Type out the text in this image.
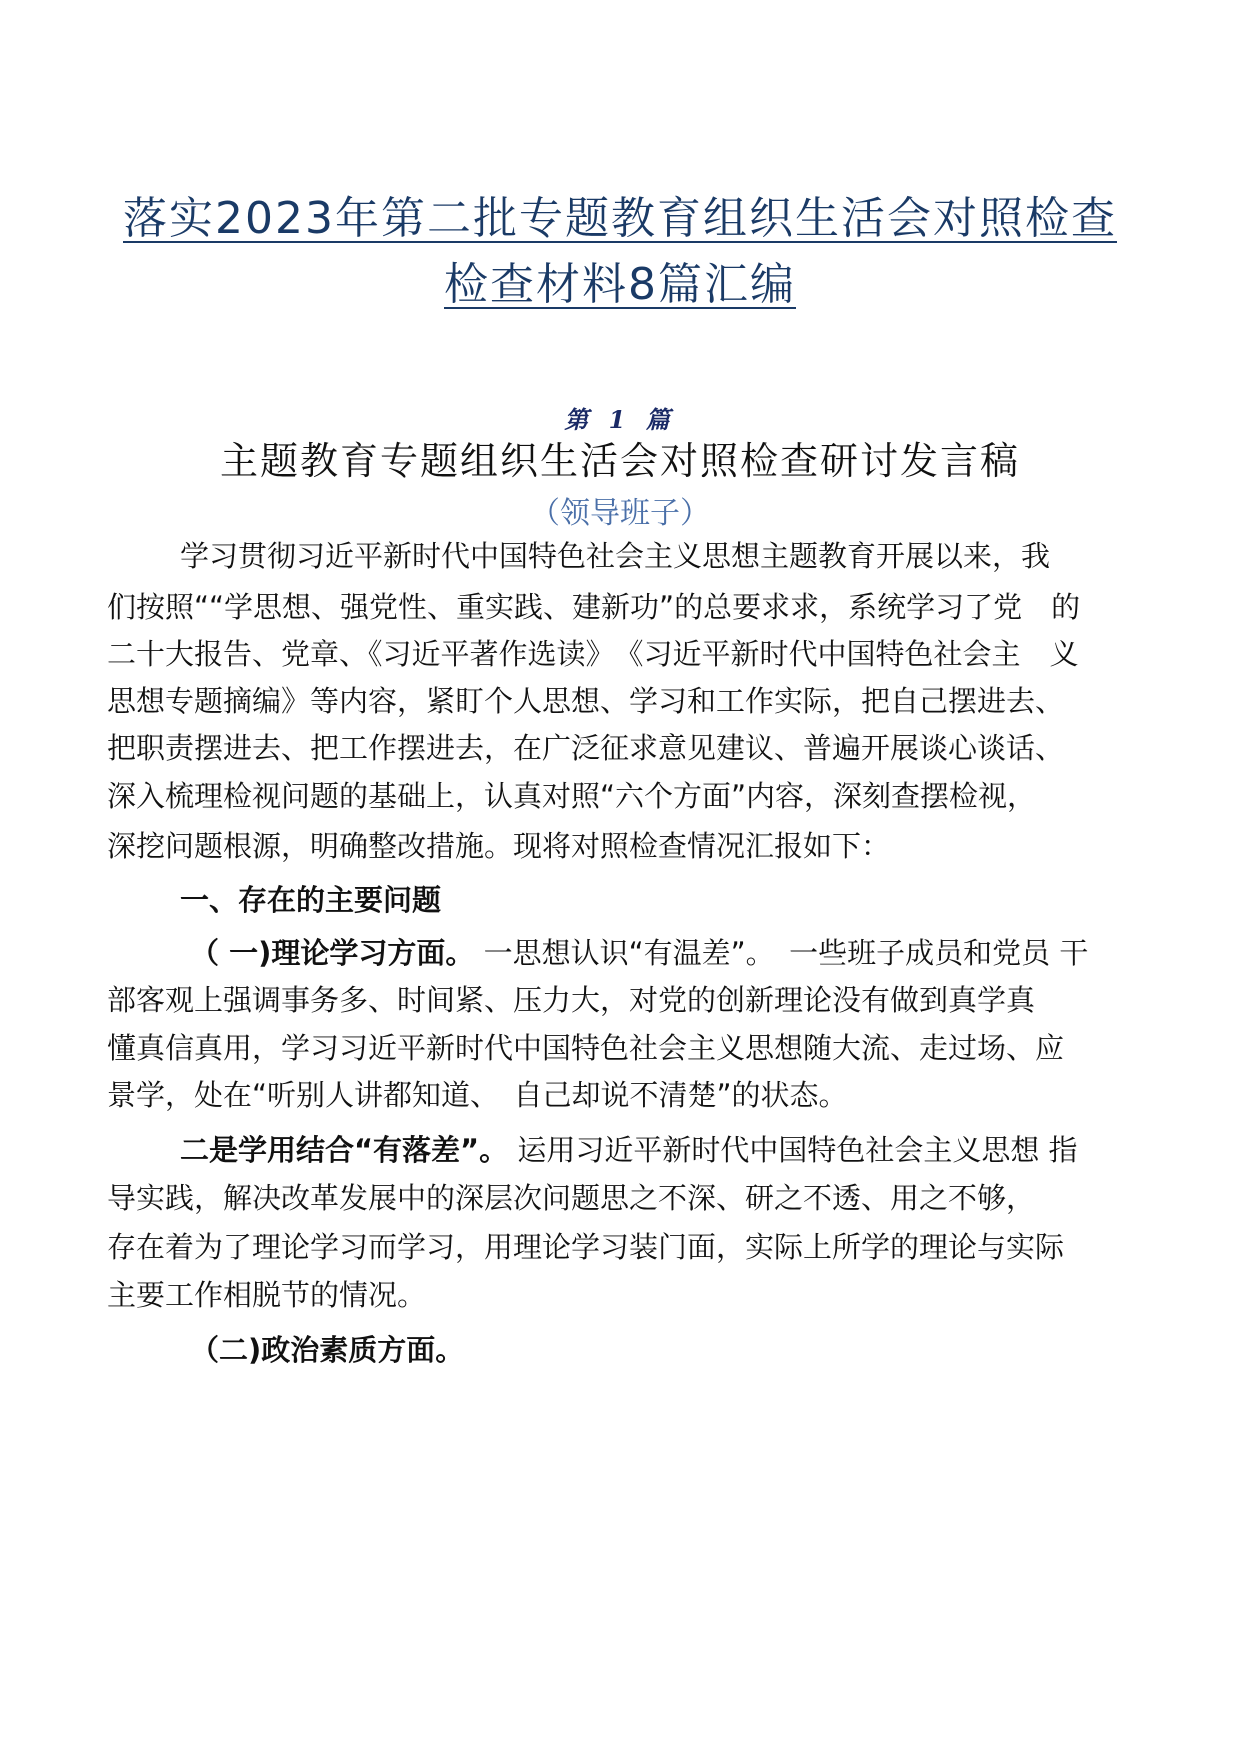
落实2023年第二批专题教育组织生活会对照检查
检查材料8篇汇编
第 1 篇
主题教育专题组织生活会对照检查研讨发言稿
（领导班子）
学习贯彻习近平新时代中国特色社会主义思想主题教育开展以来，我
们按照““学思想、强党性、重实践、建新功”的总要求求，系统学习了党　的
二十大报告、党章、《习近平著作选读》　《习近平新时代中国特色社会主　义
思想专题摘编》等内容，紧盯个人思想、学习和工作实际，把自己摆进去、
把职责摆进去、把工作摆进去，在广泛征求意见建议、普遍开展谈心谈话、
深入梳理检视问题的基础上，认真对照“六个方面”内容，深刻查摆检视，
深挖问题根源，明确整改措施。现将对照检查情况汇报如下：
一、存在的主要问题
（ 一)理论学习方面。 一思想认识“有温差”。　一些班子成员和党员 干
部客观上强调事务多、时间紧、压力大，对党的创新理论没有做到真学真
懂真信真用，学习习近平新时代中国特色社会主义思想随大流、走过场、应
景学，处在“听别人讲都知道、　自己却说不清楚”的状态。
二是学用结合“有落差”。 运用习近平新时代中国特色社会主义思想 指
导实践，解决改革发展中的深层次问题思之不深、研之不透、用之不够，
存在着为了理论学习而学习，用理论学习装门面，实际上所学的理论与实际
主要工作相脱节的情况。
（二)政治素质方面。
